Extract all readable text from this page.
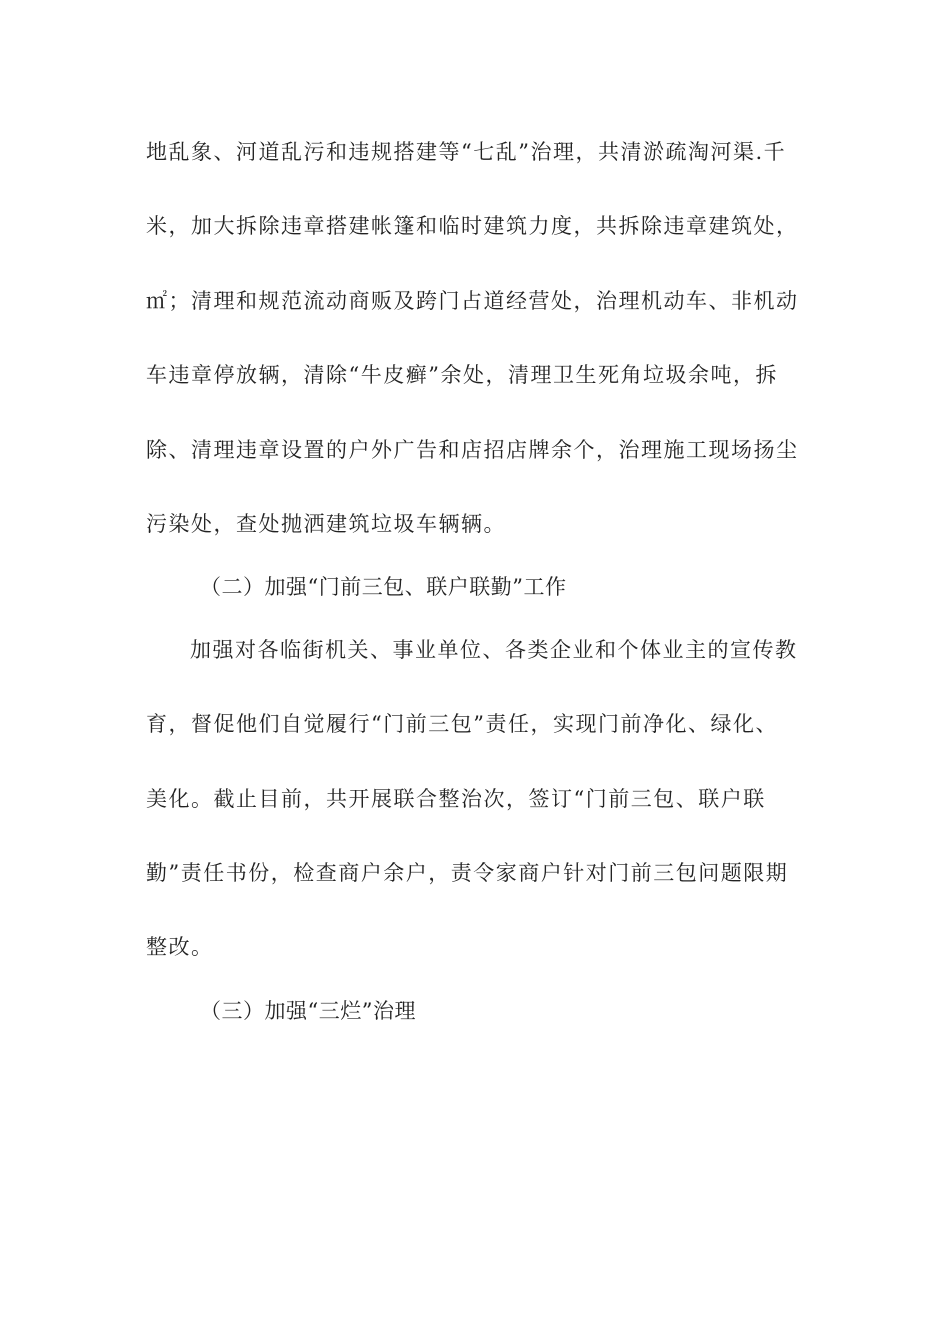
地乱象、河道乱污和违规搭建等“七乱”治理，共清淤疏淘河渠.千
米，加大拆除违章搭建帐篷和临时建筑力度，共拆除违章建筑处，
㎡；清理和规范流动商贩及跨门占道经营处，治理机动车、非机动
车违章停放辆，清除“牛皮癣”余处，清理卫生死角垃圾余吨，拆
除、清理违章设置的户外广告和店招店牌余个，治理施工现场扬尘
污染处，查处抛洒建筑垃圾车辆辆。
（二）加强“门前三包、联户联勤”工作
加强对各临街机关、事业单位、各类企业和个体业主的宣传教
育，督促他们自觉履行“门前三包”责任，实现门前净化、绿化、
美化。截止目前，共开展联合整治次，签订“门前三包、联户联
勤”责任书份，检查商户余户，责令家商户针对门前三包问题限期
整改。
（三）加强“三烂”治理
